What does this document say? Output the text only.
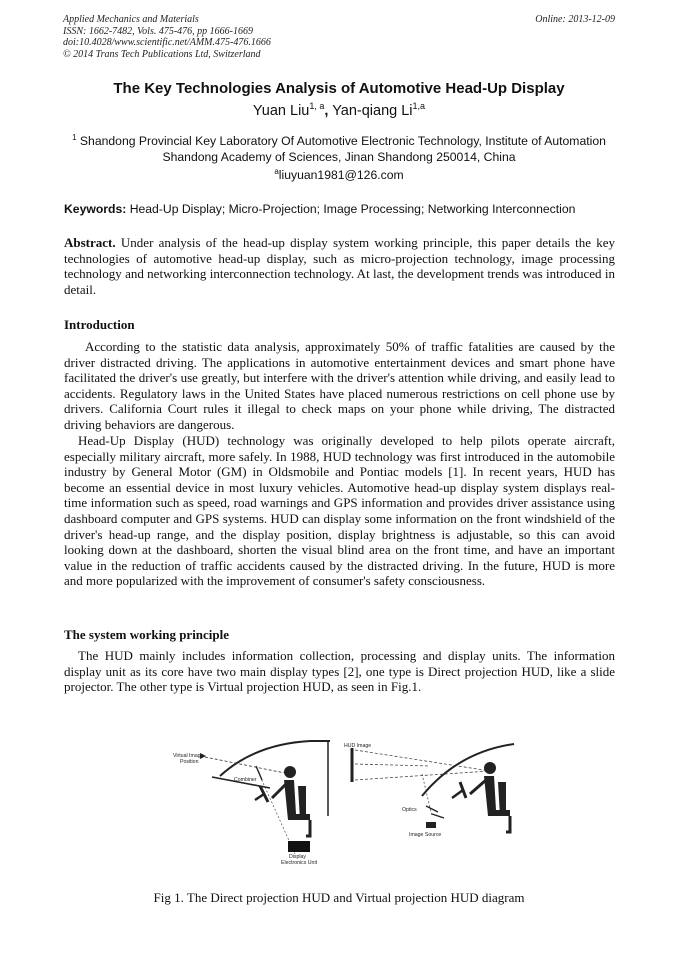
Applied Mechanics and Materials
ISSN: 1662-7482, Vols. 475-476, pp 1666-1669
doi:10.4028/www.scientific.net/AMM.475-476.1666
© 2014 Trans Tech Publications Ltd, Switzerland
Online: 2013-12-09
The Key Technologies Analysis of Automotive Head-Up Display
Yuan Liu$^{1, a}$, Yan-qiang Li$^{1,a}$
$^1$ Shandong Provincial Key Laboratory Of Automotive Electronic Technology, Institute of Automation
Shandong Academy of Sciences, Jinan Shandong 250014, China
$^a$liuyuan1981@126.com
Keywords: Head-Up Display; Micro-Projection; Image Processing; Networking Interconnection
Abstract. Under analysis of the head-up display system working principle, this paper details the key technologies of automotive head-up display, such as micro-projection technology, image processing technology and networking interconnection technology. At last, the development trends was introduced in detail.
Introduction
According to the statistic data analysis, approximately 50% of traffic fatalities are caused by the driver distracted driving. The applications in automotive entertainment devices and smart phone have facilitated the driver's use greatly, but interfere with the driver's attention while driving, and easily lead to accidents. Regulatory laws in the United States have placed numerous restrictions on cell phone use by drivers. California Court rules it illegal to check maps on your phone while driving, The distracted driving behaviors are dangerous.
Head-Up Display (HUD) technology was originally developed to help pilots operate aircraft, especially military aircraft, more safely. In 1988, HUD technology was first introduced in the automobile industry by General Motor (GM) in Oldsmobile and Pontiac models [1]. In recent years, HUD has become an essential device in most luxury vehicles. Automotive head-up display system displays real-time information such as speed, road warnings and GPS information and provides driver assistance using dashboard computer and GPS systems. HUD can display some information on the front windshield of the driver's head-up range, and the display position, display brightness is adjustable, so this can avoid looking down at the dashboard, shorten the visual blind area on the front time, and have an important value in the reduction of traffic accidents caused by the distracted driving. In the future, HUD is more and more popularized with the improvement of consumer's safety consciousness.
The system working principle
The HUD mainly includes information collection, processing and display units. The information display unit as its core have two main display types [2], one type is Direct projection HUD, like a slide projector. The other type is Virtual projection HUD, as seen in Fig.1.
Virtual Image
Position
Combiner
Display
Electronics Unit
HUD Image
Optics
Image Source
Fig 1. The Direct projection HUD and Virtual projection HUD diagram
